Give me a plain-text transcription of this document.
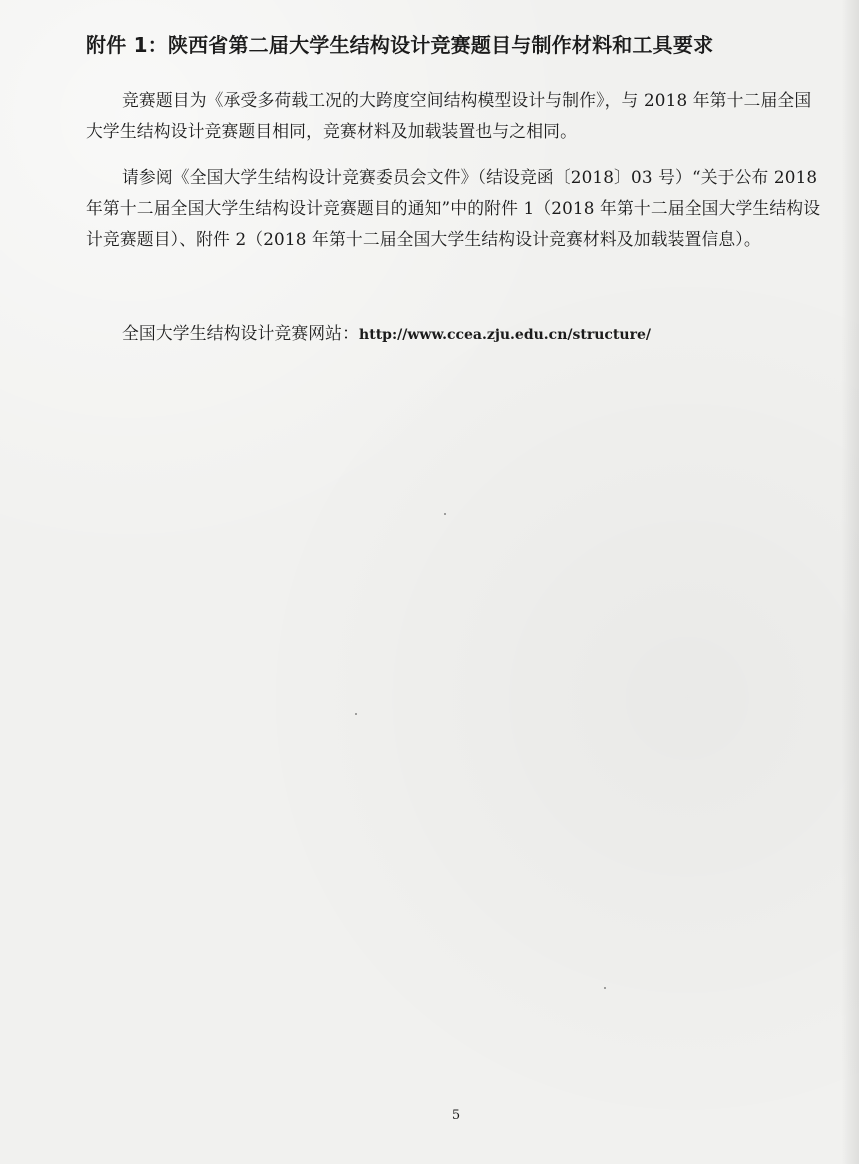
附件 1：陕西省第二届大学生结构设计竞赛题目与制作材料和工具要求
竞赛题目为《承受多荷载工况的大跨度空间结构模型设计与制作》，与 2018 年第十二届全国大学生结构设计竞赛题目相同，竞赛材料及加载装置也与之相同。
请参阅《全国大学生结构设计竞赛委员会文件》（结设竞函〔2018〕03 号）“关于公布 2018 年第十二届全国大学生结构设计竞赛题目的通知”中的附件 1（2018 年第十二届全国大学生结构设计竞赛题目）、附件 2（2018 年第十二届全国大学生结构设计竞赛材料及加载装置信息）。
全国大学生结构设计竞赛网站：http://www.ccea.zju.edu.cn/structure/
5
